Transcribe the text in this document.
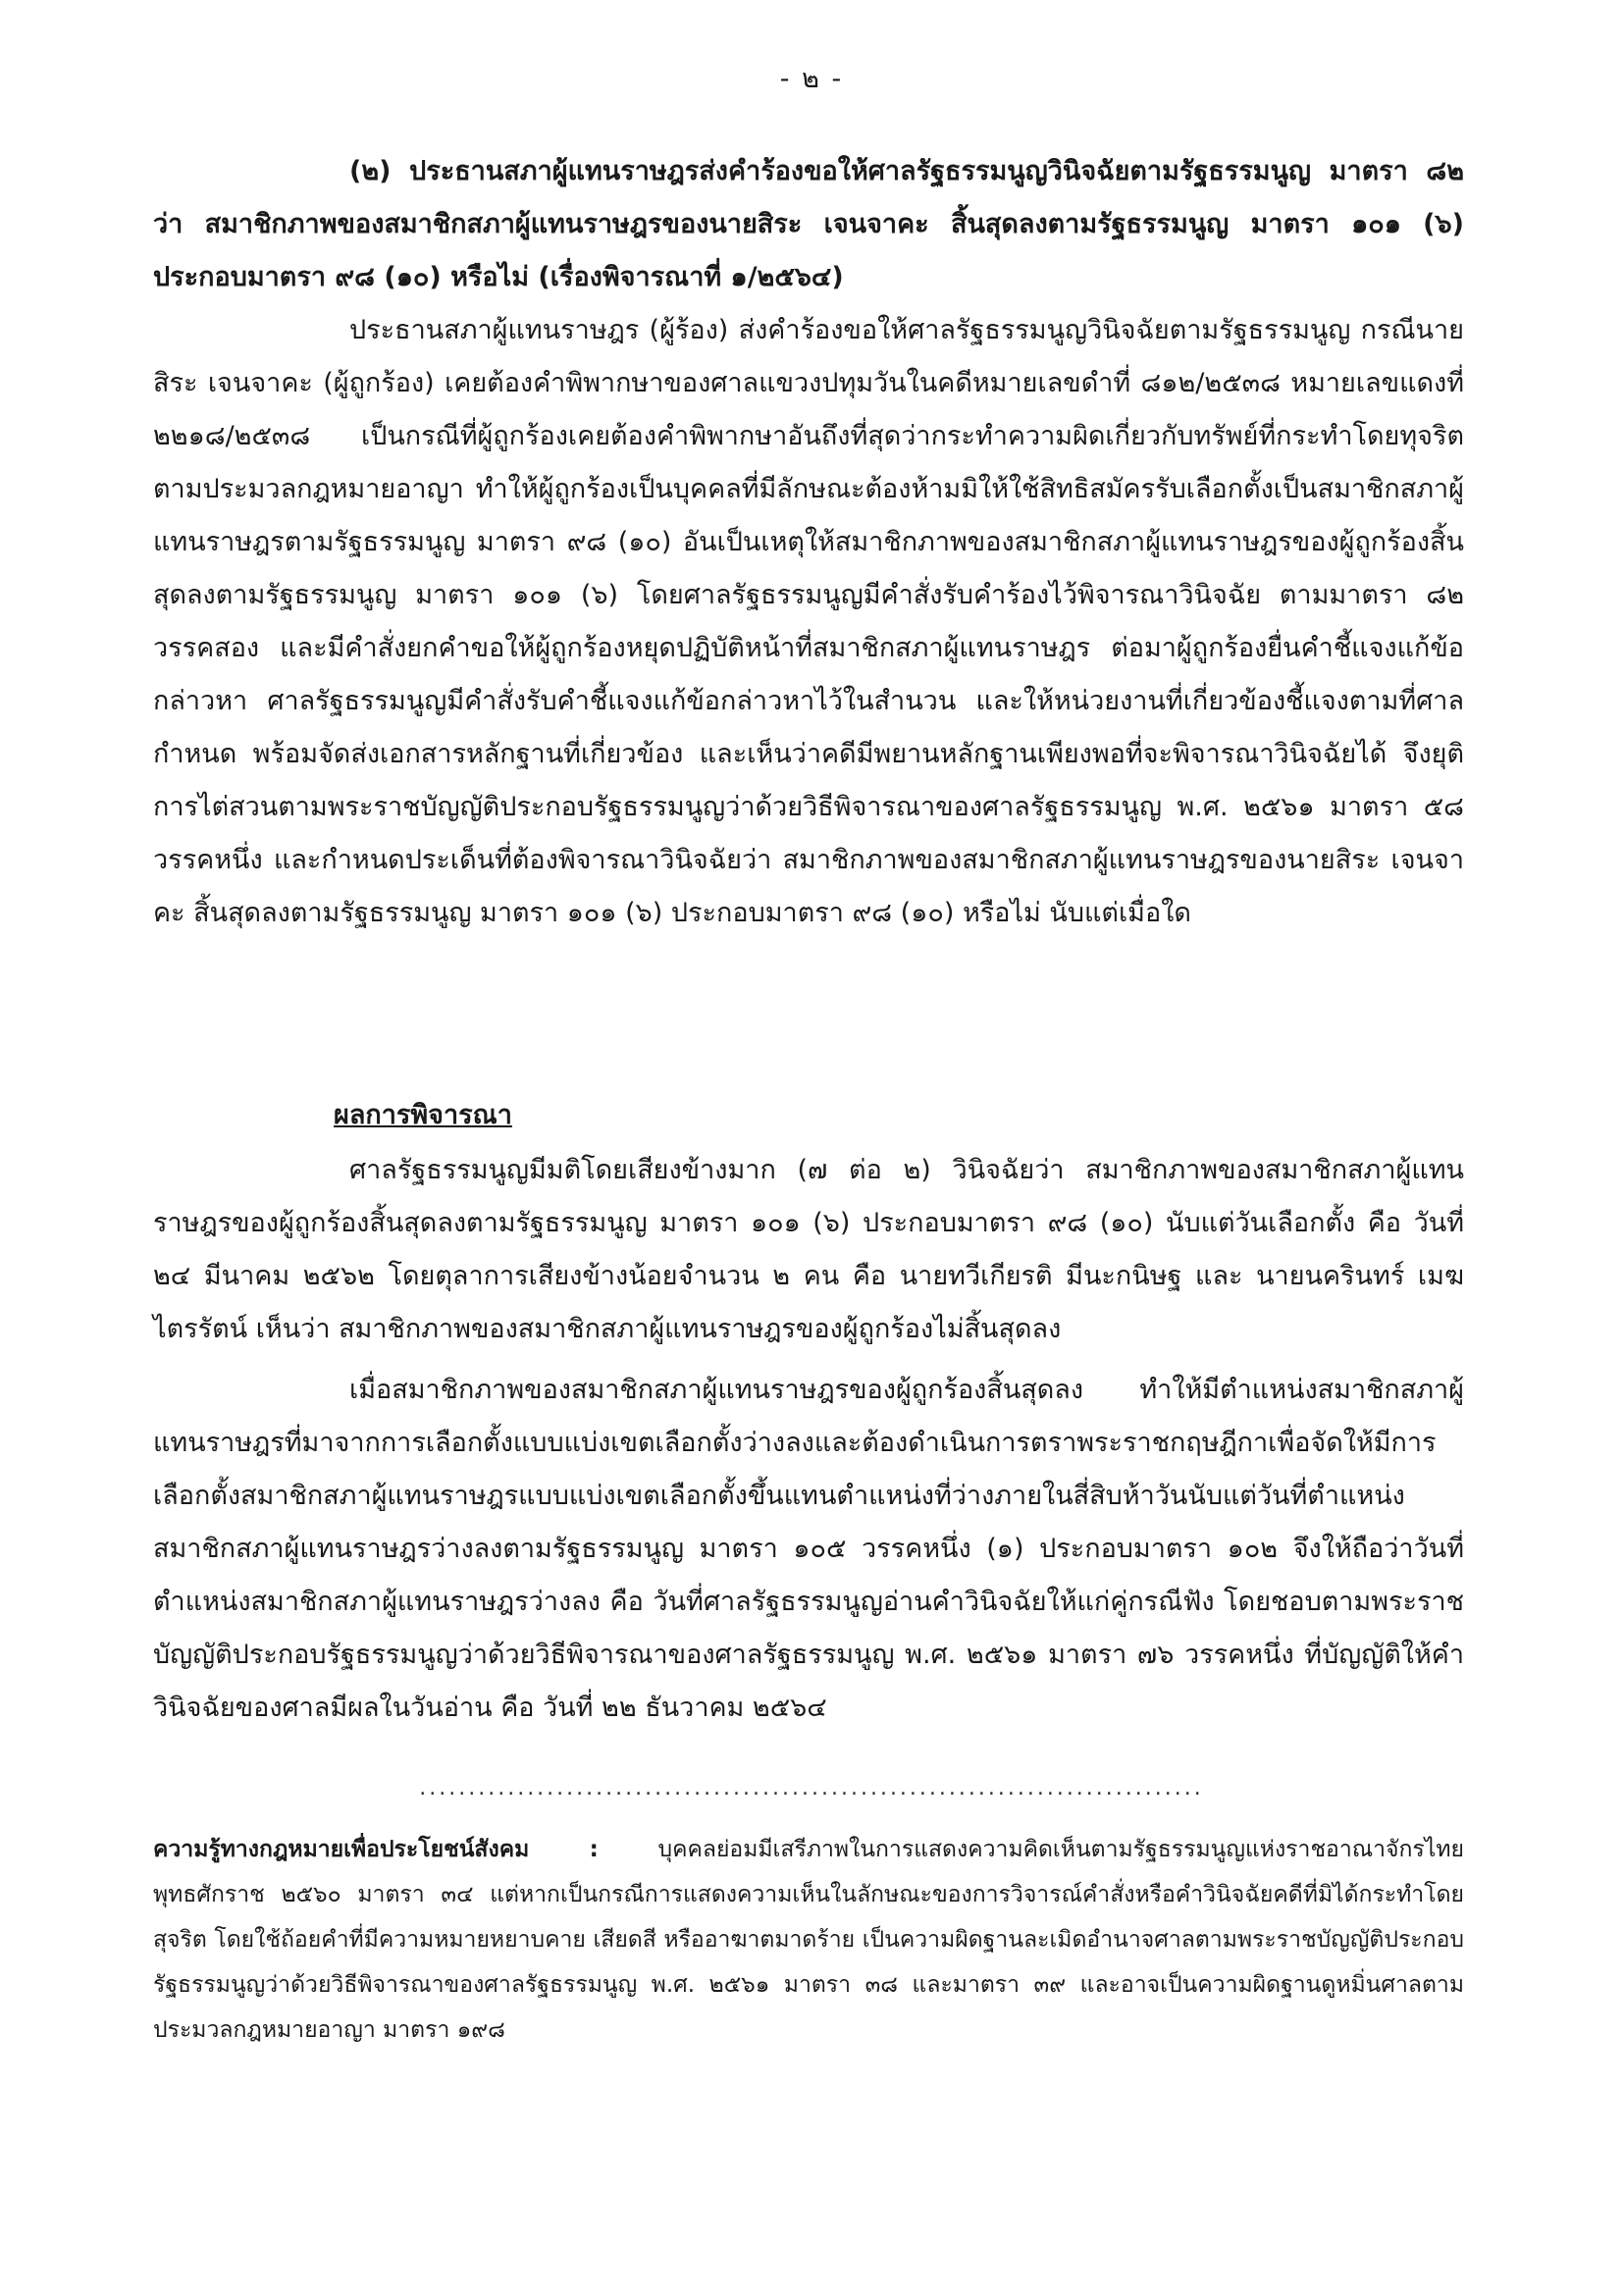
- ๒ -

(๒) ประธานสภาผู้แทนราษฎรส่งคำร้องขอให้ศาลรัฐธรรมนูญวินิจฉัยตามรัฐธรรมนูญ มาตรา ๘๒ ว่า สมาชิกภาพของสมาชิกสภาผู้แทนราษฎรของนายสิระ เจนจาคะ สิ้นสุดลงตามรัฐธรรมนูญ มาตรา ๑๐๑ (๖) ประกอบมาตรา ๙๘ (๑๐) หรือไม่ (เรื่องพิจารณาที่ ๑/๒๕๖๔)

ประธานสภาผู้แทนราษฎร (ผู้ร้อง) ส่งคำร้องขอให้ศาลรัฐธรรมนูญวินิจฉัยตามรัฐธรรมนูญ กรณีนายสิระ เจนจาคะ (ผู้ถูกร้อง) เคยต้องคำพิพากษาของศาลแขวงปทุมวันในคดีหมายเลขดำที่ ๘๑๒/๒๕๓๘ หมายเลขแดงที่ ๒๒๑๘/๒๕๓๘ เป็นกรณีที่ผู้ถูกร้องเคยต้องคำพิพากษาอันถึงที่สุดว่ากระทำความผิดเกี่ยวกับทรัพย์ที่กระทำโดยทุจริตตามประมวลกฎหมายอาญา ทำให้ผู้ถูกร้องเป็นบุคคลที่มีลักษณะต้องห้ามมิให้ใช้สิทธิสมัครรับเลือกตั้งเป็นสมาชิกสภาผู้แทนราษฎรตามรัฐธรรมนูญ มาตรา ๙๘ (๑๐) อันเป็นเหตุให้สมาชิกภาพของสมาชิกสภาผู้แทนราษฎรของผู้ถูกร้องสิ้นสุดลงตามรัฐธรรมนูญ มาตรา ๑๐๑ (๖) โดยศาลรัฐธรรมนูญมีคำสั่งรับคำร้องไว้พิจารณาวินิจฉัย ตามมาตรา ๘๒ วรรคสอง และมีคำสั่งยกคำขอให้ผู้ถูกร้องหยุดปฏิบัติหน้าที่สมาชิกสภาผู้แทนราษฎร ต่อมาผู้ถูกร้องยื่นคำชี้แจงแก้ข้อกล่าวหา ศาลรัฐธรรมนูญมีคำสั่งรับคำชี้แจงแก้ข้อกล่าวหาไว้ในสำนวน และให้หน่วยงานที่เกี่ยวข้องชี้แจงตามที่ศาลกำหนด พร้อมจัดส่งเอกสารหลักฐานที่เกี่ยวข้อง และเห็นว่าคดีมีพยานหลักฐานเพียงพอที่จะพิจารณาวินิจฉัยได้ จึงยุติการไต่สวนตามพระราชบัญญัติประกอบรัฐธรรมนูญว่าด้วยวิธีพิจารณาของศาลรัฐธรรมนูญ พ.ศ. ๒๕๖๑ มาตรา ๕๘ วรรคหนึ่ง และกำหนดประเด็นที่ต้องพิจารณาวินิจฉัยว่า สมาชิกภาพของสมาชิกสภาผู้แทนราษฎรของนายสิระ เจนจาคะ สิ้นสุดลงตามรัฐธรรมนูญ มาตรา ๑๐๑ (๖) ประกอบมาตรา ๙๘ (๑๐) หรือไม่ นับแต่เมื่อใด

ผลการพิจารณา

ศาลรัฐธรรมนูญมีมติโดยเสียงข้างมาก (๗ ต่อ ๒) วินิจฉัยว่า สมาชิกภาพของสมาชิกสภาผู้แทนราษฎรของผู้ถูกร้องสิ้นสุดลงตามรัฐธรรมนูญ มาตรา ๑๐๑ (๖) ประกอบมาตรา ๙๘ (๑๐) นับแต่วันเลือกตั้ง คือ วันที่ ๒๔ มีนาคม ๒๕๖๒ โดยตุลาการเสียงข้างน้อยจำนวน ๒ คน คือ นายทวีเกียรติ มีนะกนิษฐ และ นายนครินทร์ เมฆไตรรัตน์ เห็นว่า สมาชิกภาพของสมาชิกสภาผู้แทนราษฎรของผู้ถูกร้องไม่สิ้นสุดลง

เมื่อสมาชิกภาพของสมาชิกสภาผู้แทนราษฎรของผู้ถูกร้องสิ้นสุดลง ทำให้มีตำแหน่งสมาชิกสภาผู้แทนราษฎรที่มาจากการเลือกตั้งแบบแบ่งเขตเลือกตั้งว่างลงและต้องดำเนินการตราพระราชกฤษฎีกาเพื่อจัดให้มีการเลือกตั้งสมาชิกสภาผู้แทนราษฎรแบบแบ่งเขตเลือกตั้งขึ้นแทนตำแหน่งที่ว่างภายในสี่สิบห้าวันนับแต่วันที่ตำแหน่งสมาชิกสภาผู้แทนราษฎรว่างลงตามรัฐธรรมนูญ มาตรา ๑๐๕ วรรคหนึ่ง (๑) ประกอบมาตรา ๑๐๒ จึงให้ถือว่าวันที่ตำแหน่งสมาชิกสภาผู้แทนราษฎรว่างลง คือ วันที่ศาลรัฐธรรมนูญอ่านคำวินิจฉัยให้แก่คู่กรณีฟัง โดยชอบตามพระราชบัญญัติประกอบรัฐธรรมนูญว่าด้วยวิธีพิจารณาของศาลรัฐธรรมนูญ พ.ศ. ๒๕๖๑ มาตรา ๗๖ วรรคหนึ่ง ที่บัญญัติให้คำวินิจฉัยของศาลมีผลในวันอ่าน คือ วันที่ ๒๒ ธันวาคม ๒๕๖๔

................................................................................

ความรู้ทางกฎหมายเพื่อประโยชน์สังคม :	บุคคลย่อมมีเสรีภาพในการแสดงความคิดเห็นตามรัฐธรรมนูญแห่งราชอาณาจักรไทย พุทธศักราช ๒๕๖๐ มาตรา ๓๔ แต่หากเป็นกรณีการแสดงความเห็นในลักษณะของการวิจารณ์คำสั่งหรือคำวินิจฉัยคดีที่มิได้กระทำโดยสุจริต โดยใช้ถ้อยคำที่มีความหมายหยาบคาย เสียดสี หรืออาฆาตมาดร้าย เป็นความผิดฐานละเมิดอำนาจศาลตามพระราชบัญญัติประกอบรัฐธรรมนูญว่าด้วยวิธีพิจารณาของศาลรัฐธรรมนูญ พ.ศ. ๒๕๖๑ มาตรา ๓๘ และมาตรา ๓๙ และอาจเป็นความผิดฐานดูหมิ่นศาลตามประมวลกฎหมายอาญา มาตรา ๑๙๘
